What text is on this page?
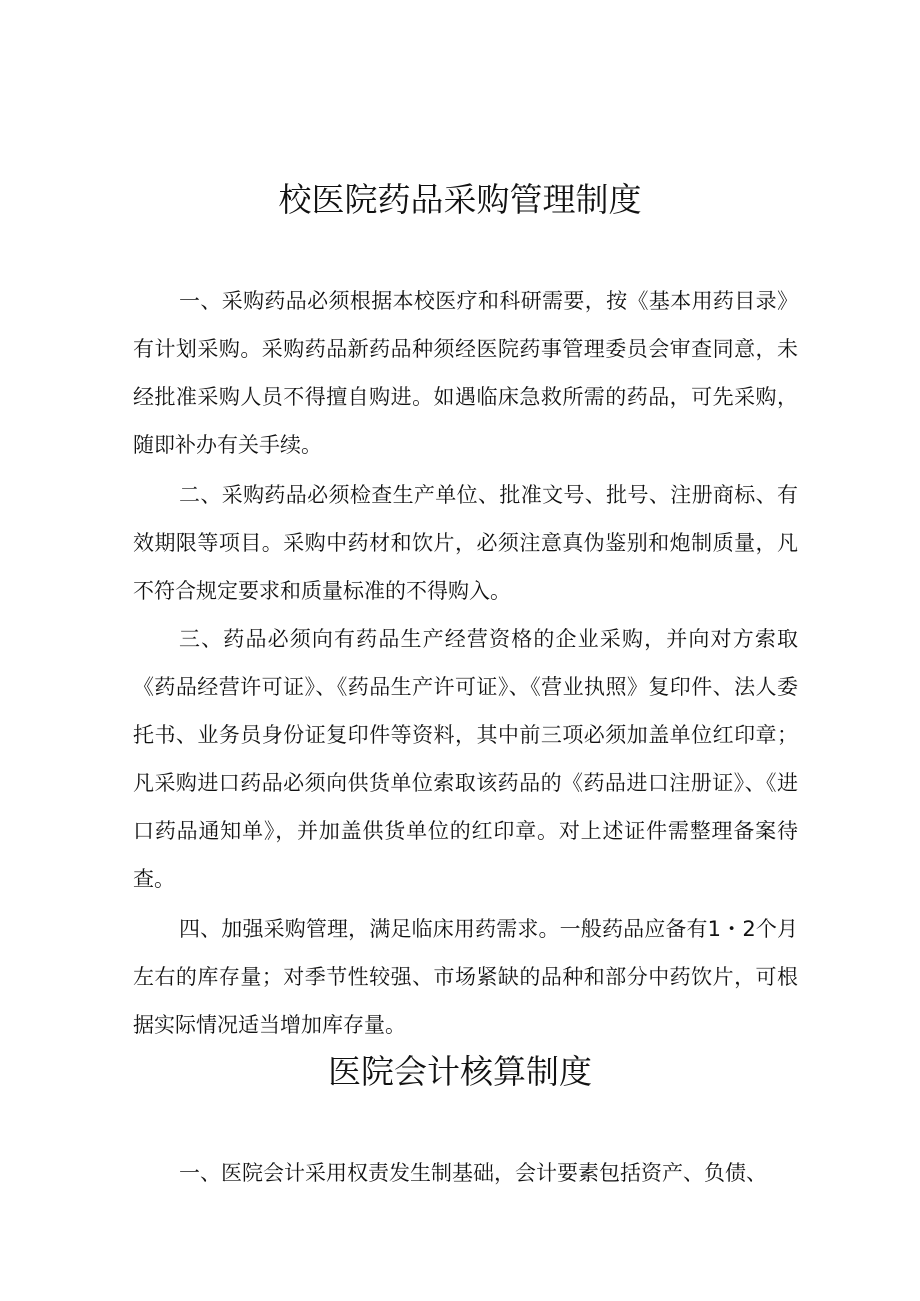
校医院药品采购管理制度

一、采购药品必须根据本校医疗和科研需要，按《基本用药目录》有计划采购。采购药品新药品种须经医院药事管理委员会审查同意，未经批准采购人员不得擅自购进。如遇临床急救所需的药品，可先采购，随即补办有关手续。

二、采购药品必须检查生产单位、批准文号、批号、注册商标、有效期限等项目。采购中药材和饮片，必须注意真伪鉴别和炮制质量，凡不符合规定要求和质量标准的不得购入。

三、药品必须向有药品生产经营资格的企业采购，并向对方索取《药品经营许可证》、《药品生产许可证》、《营业执照》复印件、法人委托书、业务员身份证复印件等资料，其中前三项必须加盖单位红印章；凡采购进口药品必须向供货单位索取该药品的《药品进口注册证》、《进口药品通知单》，并加盖供货单位的红印章。对上述证件需整理备案待查。

四、加强采购管理，满足临床用药需求。一般药品应备有1・2个月左右的库存量；对季节性较强、市场紧缺的品种和部分中药饮片，可根据实际情况适当增加库存量。

医院会计核算制度

一、医院会计采用权责发生制基础，会计要素包括资产、负债、
